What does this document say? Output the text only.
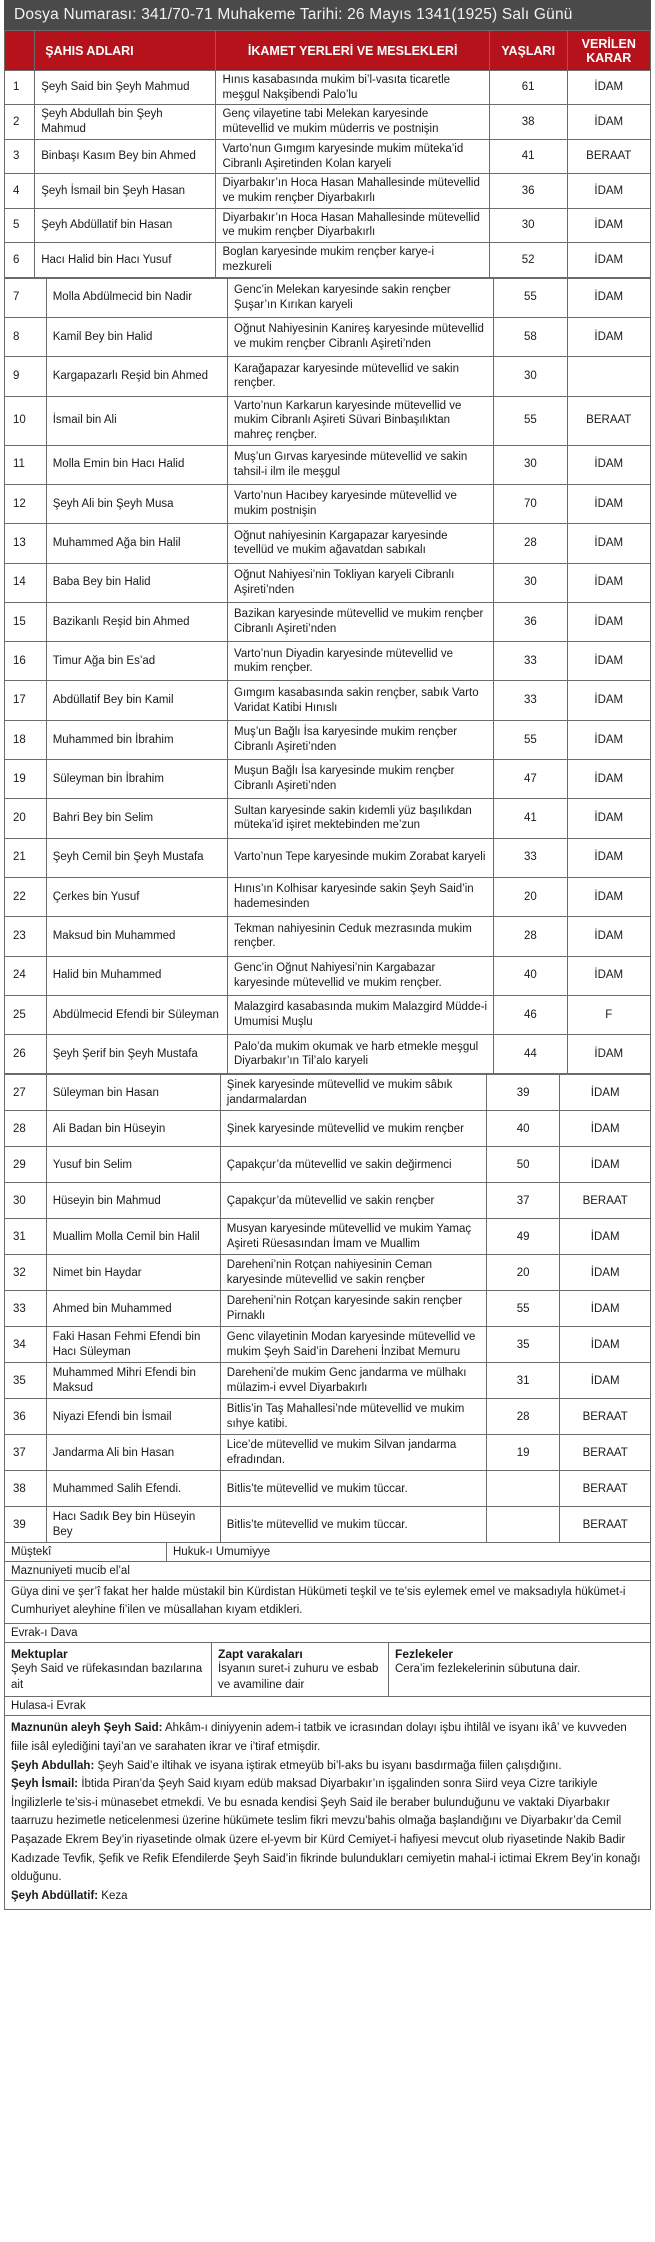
Dosya Numarası: 341/70-71 Muhakeme Tarihi: 26 Mayıs 1341(1925) Salı Günü
	ŞAHIS ADLARI	İKAMET YERLERİ VE MESLEKLERİ	YAŞLARI	VERİLEN KARAR
1	Şeyh Said bin Şeyh Mahmud	Hınıs kasabasında mukim bi’l-vasıta ticaretle meşgul Nakşibendi Palo’lu	61	İDAM
2	Şeyh Abdullah bin Şeyh Mahmud	Genç vilayetine tabi Melekan karyesinde mütevellid ve mukim müderris ve postnişin	38	İDAM
3	Binbaşı Kasım Bey bin Ahmed	Varto’nun Gımgım karyesinde mukim müteka’id Cibranlı Aşiretinden Kolan karyeli	41	BERAAT
4	Şeyh İsmail bin Şeyh Hasan	Diyarbakır’ın Hoca Hasan Mahallesinde mütevellid ve mukim rençber Diyarbakırlı	36	İDAM
5	Şeyh Abdüllatif bin Hasan	Diyarbakır’ın Hoca Hasan Mahallesinde mütevellid ve mukim rençber Diyarbakırlı	30	İDAM
6	Hacı Halid bin Hacı Yusuf	Boglan karyesinde mukim rençber karye-i mezkureli	52	İDAM
7	Molla Abdülmecid bin Nadir	Genc’in Melekan karyesinde sakin rençber Şuşar’ın Kırıkan karyeli	55	İDAM
8	Kamil Bey bin Halid	Oğnut Nahiyesinin Kanireş karyesinde mütevellid ve mukim rençber Cibranlı Aşireti’nden	58	İDAM
9	Kargapazarlı Reşid bin Ahmed	Karağapazar karyesinde mütevellid ve sakin rençber.	30	
10	İsmail bin Ali	Varto’nun Karkarun karyesinde mütevellid ve mukim Cibranlı Aşireti Süvari Binbaşılıktan mahreç rençber.	55	BERAAT
11	Molla Emin bin Hacı Halid	Muş’un Gırvas karyesinde mütevellid ve sakin tahsil-i ilm ile meşgul	30	İDAM
12	Şeyh Ali bin Şeyh Musa	Varto’nun Hacıbey karyesinde mütevellid ve mukim postnişin	70	İDAM
13	Muhammed Ağa bin Halil	Oğnut nahiyesinin Kargapazar karyesinde tevellüd ve mukim ağavatdan sabıkalı	28	İDAM
14	Baba Bey bin Halid	Oğnut Nahiyesi’nin Tokliyan karyeli Cibranlı Aşireti’nden	30	İDAM
15	Bazikanlı Reşid bin Ahmed	Bazikan karyesinde mütevellid ve mukim rençber Cibranlı Aşireti’nden	36	İDAM
16	Timur Ağa bin Es’ad	Varto’nun Diyadin karyesinde mütevellid ve mukim rençber.	33	İDAM
17	Abdüllatif Bey bin Kamil	Gımgım kasabasında sakin rençber, sabık Varto Varidat Katibi Hınıslı	33	İDAM
18	Muhammed bin İbrahim	Muş’un Bağlı İsa karyesinde mukim rençber Cibranlı Aşireti’nden	55	İDAM
19	Süleyman bin İbrahim	Muşun Bağlı İsa karyesinde mukim rençber Cibranlı Aşireti’nden	47	İDAM
20	Bahri Bey bin Selim	Sultan karyesinde sakin kıdemli yüz başılıkdan müteka’id işiret mektebinden me’zun	41	İDAM
21	Şeyh Cemil bin Şeyh Mustafa	Varto’nun Tepe karyesinde mukim Zorabat karyeli	33	İDAM
22	Çerkes bin Yusuf	Hınıs’ın Kolhisar karyesinde sakin Şeyh Said’in hademesinden	20	İDAM
23	Maksud bin Muhammed	Tekman nahiyesinin Ceduk mezrasında mukim rençber.	28	İDAM
24	Halid bin Muhammed	Genc’in Oğnut Nahiyesi’nin Kargabazar karyesinde mütevellid ve mukim rençber.	40	İDAM
25	Abdülmecid Efendi bir Süleyman	Malazgird kasabasında mukim Malazgird Müdde-i Umumisi Muşlu	46	F
26	Şeyh Şerif bin Şeyh Mustafa	Palo’da mukim okumak ve harb etmekle meşgul Diyarbakır’ın Til’alo karyeli	44	İDAM
27	Süleyman bin Hasan	Şinek karyesinde mütevellid ve mukim sâbık jandarmalardan	39	İDAM
28	Ali Badan bin Hüseyin	Şinek karyesinde mütevellid ve mukim rençber	40	İDAM
29	Yusuf bin Selim	Çapakçur’da mütevellid ve sakin değirmenci	50	İDAM
30	Hüseyin bin Mahmud	Çapakçur’da mütevellid ve sakin rençber	37	BERAAT
31	Muallim Molla Cemil bin Halil	Musyan karyesinde mütevellid ve mukim Yamaç Aşireti Rüesasından İmam ve Muallim	49	İDAM
32	Nimet bin Haydar	Dareheni’nin Rotçan nahiyesinin Ceman karyesinde mütevellid ve sakin rençber	20	İDAM
33	Ahmed bin Muhammed	Dareheni’nin Rotçan karyesinde sakin rençber Pirnaklı	55	İDAM
34	Faki Hasan Fehmi Efendi bin Hacı Süleyman	Genc vilayetinin Modan karyesinde mütevellid ve mukim Şeyh Said’in Dareheni İnzibat Memuru	35	İDAM
35	Muhammed Mihri Efendi bin Maksud	Dareheni’de mukim Genc jandarma ve mülhakı mülazim-i evvel Diyarbakırlı	31	İDAM
36	Niyazi Efendi bin İsmail	Bitlis’in Taş Mahallesi’nde mütevellid ve mukim sıhye katibi.	28	BERAAT
37	Jandarma Ali bin Hasan	Lice’de mütevellid ve mukim Silvan jandarma efradından.	19	BERAAT
38	Muhammed Salih Efendi.	Bitlis’te mütevellid ve mukim tüccar.		BERAAT
39	Hacı Sadık Bey bin Hüseyin Bey	Bitlis’te mütevellid ve mukim tüccar.		BERAAT
Müştekî	Hukuk-ı Umumiyye
Maznuniyeti mucib el’al
Güya dini ve şer’î fakat her halde müstakil bin Kürdistan Hükümeti teşkil ve te’sis eylemek emel ve maksadıyla hükümet-i Cumhuriyet aleyhine fi’ilen ve müsallahan kıyam etdikleri.
Evrak-ı Dava
Mektuplar
Şeyh Said ve rüfekasından bazılarına ait
Zapt varakaları
İsyanın suret-i zuhuru ve esbab ve avamiline dair
Fezlekeler
Cera’im fezlekelerinin sübutuna dair.
Hulasa-i Evrak

Maznunün aleyh Şeyh Said: Ahkâm-ı diniyyenin adem-i tatbik ve icrasından dolayı işbu ihtilâl ve isyanı ikâ’ ve kuvveden fiile isâl eylediğini tayi’an ve sarahaten ikrar ve i’tiraf etmişdir.

Şeyh Abdullah: Şeyh Said’e iltihak ve isyana iştirak etmeyüb bi’l-aks bu isyanı basdırmağa fiilen çalışdığını.

Şeyh İsmail: İbtida Piran’da Şeyh Said kıyam edüb maksad Diyarbakır’ın işgalinden sonra Siird veya Cizre tarikiyle İngilizlerle te’sis-i münasebet etmekdi. Ve bu esnada kendisi Şeyh Said ile beraber bulunduğunu ve vaktaki Diyarbakır taarruzu hezimetle neticelenmesi üzerine hükümete teslim fikri mevzu’bahis olmağa başlandığını ve Diyarbakır’da Cemil Paşazade Ekrem Bey’in riyasetinde olmak üzere el-yevm bir Kürd Cemiyet-i hafiyesi mevcut olub riyasetinde Nakib Badir Kadızade Tevfik, Şefik ve Refik Efendilerde Şeyh Said’in fikrinde bulundukları cemiyetin mahal-i ictimai Ekrem Bey’in konağı olduğunu.

Şeyh Abdüllatif: Keza
